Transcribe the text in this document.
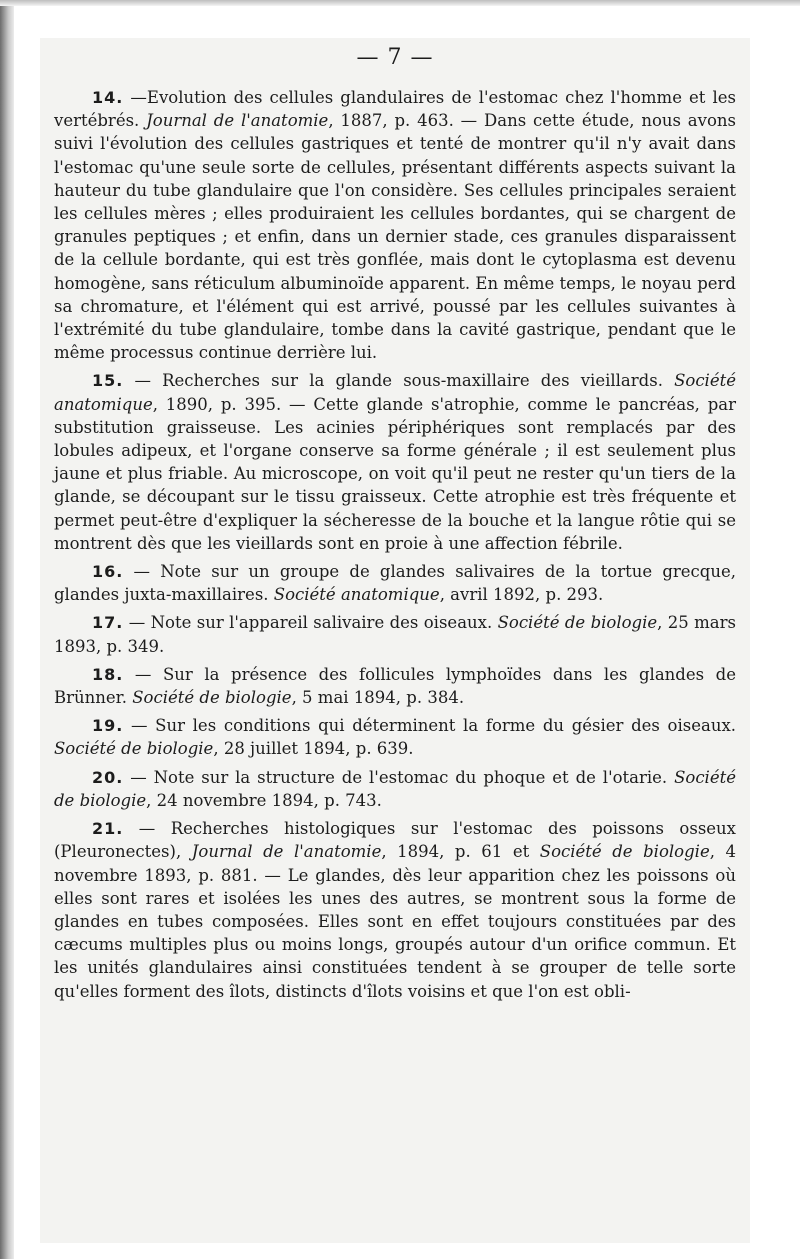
— 7 —

14. —Evolution des cellules glandulaires de l'estomac chez l'homme et les vertébrés. Journal de l'anatomie, 1887, p. 463. — Dans cette étude, nous avons suivi l'évolution des cellules gastriques et tenté de montrer qu'il n'y avait dans l'estomac qu'une seule sorte de cellules, présentant différents aspects suivant la hauteur du tube glandulaire que l'on considère. Ses cellules principales seraient les cellules mères ; elles produiraient les cellules bordantes, qui se chargent de granules peptiques ; et enfin, dans un dernier stade, ces granules disparaissent de la cellule bordante, qui est très gonflée, mais dont le cytoplasma est devenu homogène, sans réticulum albuminoïde apparent. En même temps, le noyau perd sa chromature, et l'élément qui est arrivé, poussé par les cellules suivantes à l'extrémité du tube glandulaire, tombe dans la cavité gastrique, pendant que le même processus continue derrière lui.

15. — Recherches sur la glande sous-maxillaire des vieillards. Société anatomique, 1890, p. 395. — Cette glande s'atrophie, comme le pancréas, par substitution graisseuse. Les acinies périphériques sont remplacés par des lobules adipeux, et l'organe conserve sa forme générale ; il est seulement plus jaune et plus friable. Au microscope, on voit qu'il peut ne rester qu'un tiers de la glande, se découpant sur le tissu graisseux. Cette atrophie est très fréquente et permet peut-être d'expliquer la sécheresse de la bouche et la langue rôtie qui se montrent dès que les vieillards sont en proie à une affection fébrile.

16. — Note sur un groupe de glandes salivaires de la tortue grecque, glandes juxta-maxillaires. Société anatomique, avril 1892, p. 293.

17. — Note sur l'appareil salivaire des oiseaux. Société de biologie, 25 mars 1893, p. 349.

18. — Sur la présence des follicules lymphoïdes dans les glandes de Brünner. Société de biologie, 5 mai 1894, p. 384.

19. — Sur les conditions qui déterminent la forme du gésier des oiseaux. Société de biologie, 28 juillet 1894, p. 639.

20. — Note sur la structure de l'estomac du phoque et de l'otarie. Société de biologie, 24 novembre 1894, p. 743.

21. — Recherches histologiques sur l'estomac des poissons osseux (Pleuronectes), Journal de l'anatomie, 1894, p. 61 et Société de biologie, 4 novembre 1893, p. 881. — Le glandes, dès leur apparition chez les poissons où elles sont rares et isolées les unes des autres, se montrent sous la forme de glandes en tubes composées. Elles sont en effet toujours constituées par des cæcums multiples plus ou moins longs, groupés autour d'un orifice commun. Et les unités glandulaires ainsi constituées tendent à se grouper de telle sorte qu'elles forment des îlots, distincts d'îlots voisins et que l'on est obli-
